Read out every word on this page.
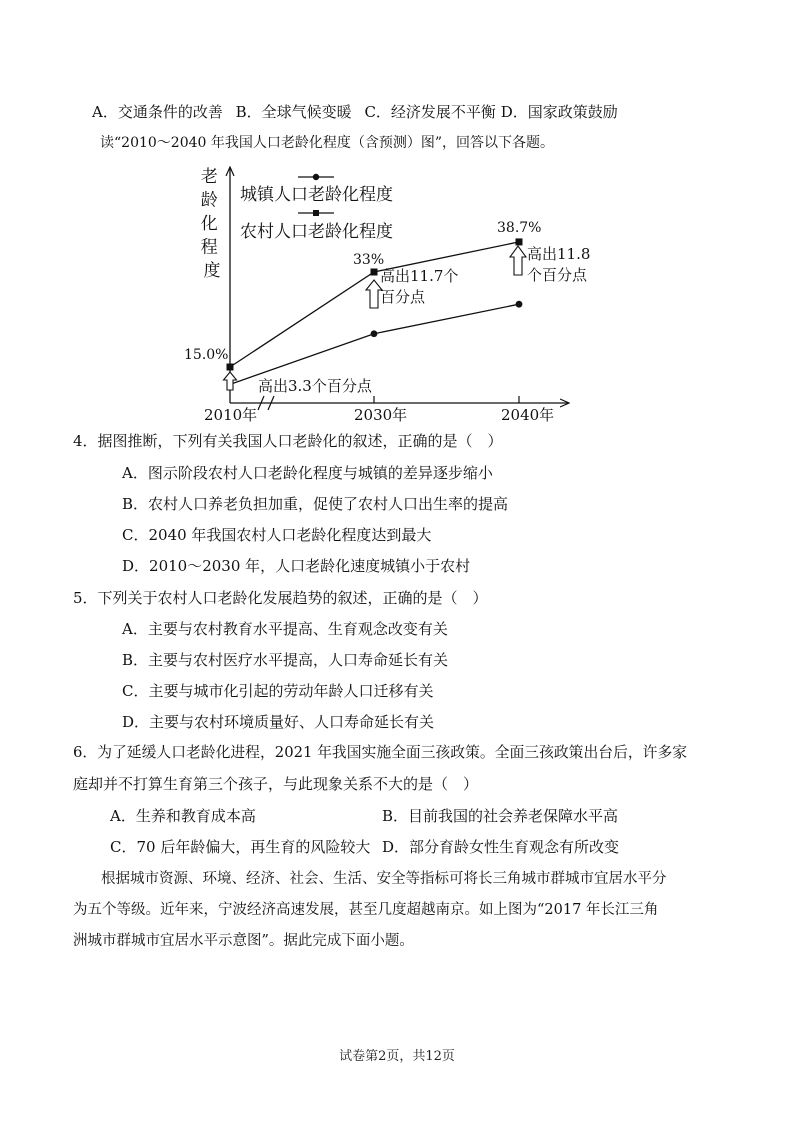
A．交通条件的改善 B．全球气候变暖 C．经济发展不平衡 D．国家政策鼓励
读“2010～2040 年我国人口老龄化程度（含预测）图”，回答以下各题。
老 龄 化 程 度
城镇人口老龄化程度
农村人口老龄化程度
15.0%
33%
38.7%
高出3.3个百分点
高出11.7个
百分点
高出11.8
个百分点
2010年	2030年	2040年
4．据图推断，下列有关我国人口老龄化的叙述，正确的是（　）
A．图示阶段农村人口老龄化程度与城镇的差异逐步缩小
B．农村人口养老负担加重，促使了农村人口出生率的提高
C．2040 年我国农村人口老龄化程度达到最大
D．2010～2030 年，人口老龄化速度城镇小于农村
5．下列关于农村人口老龄化发展趋势的叙述，正确的是（　）
A．主要与农村教育水平提高、生育观念改变有关
B．主要与农村医疗水平提高，人口寿命延长有关
C．主要与城市化引起的劳动年龄人口迁移有关
D．主要与农村环境质量好、人口寿命延长有关
6．为了延缓人口老龄化进程，2021 年我国实施全面三孩政策。全面三孩政策出台后，许多家
庭却并不打算生育第三个孩子，与此现象关系不大的是（　）
A．生养和教育成本高	B．目前我国的社会养老保障水平高
C．70 后年龄偏大，再生育的风险较大 D．部分育龄女性生育观念有所改变
根据城市资源、环境、经济、社会、生活、安全等指标可将长三角城市群城市宜居水平分
为五个等级。近年来，宁波经济高速发展，甚至几度超越南京。如上图为“2017 年长江三角
洲城市群城市宜居水平示意图”。据此完成下面小题。
试卷第2页，共12页
